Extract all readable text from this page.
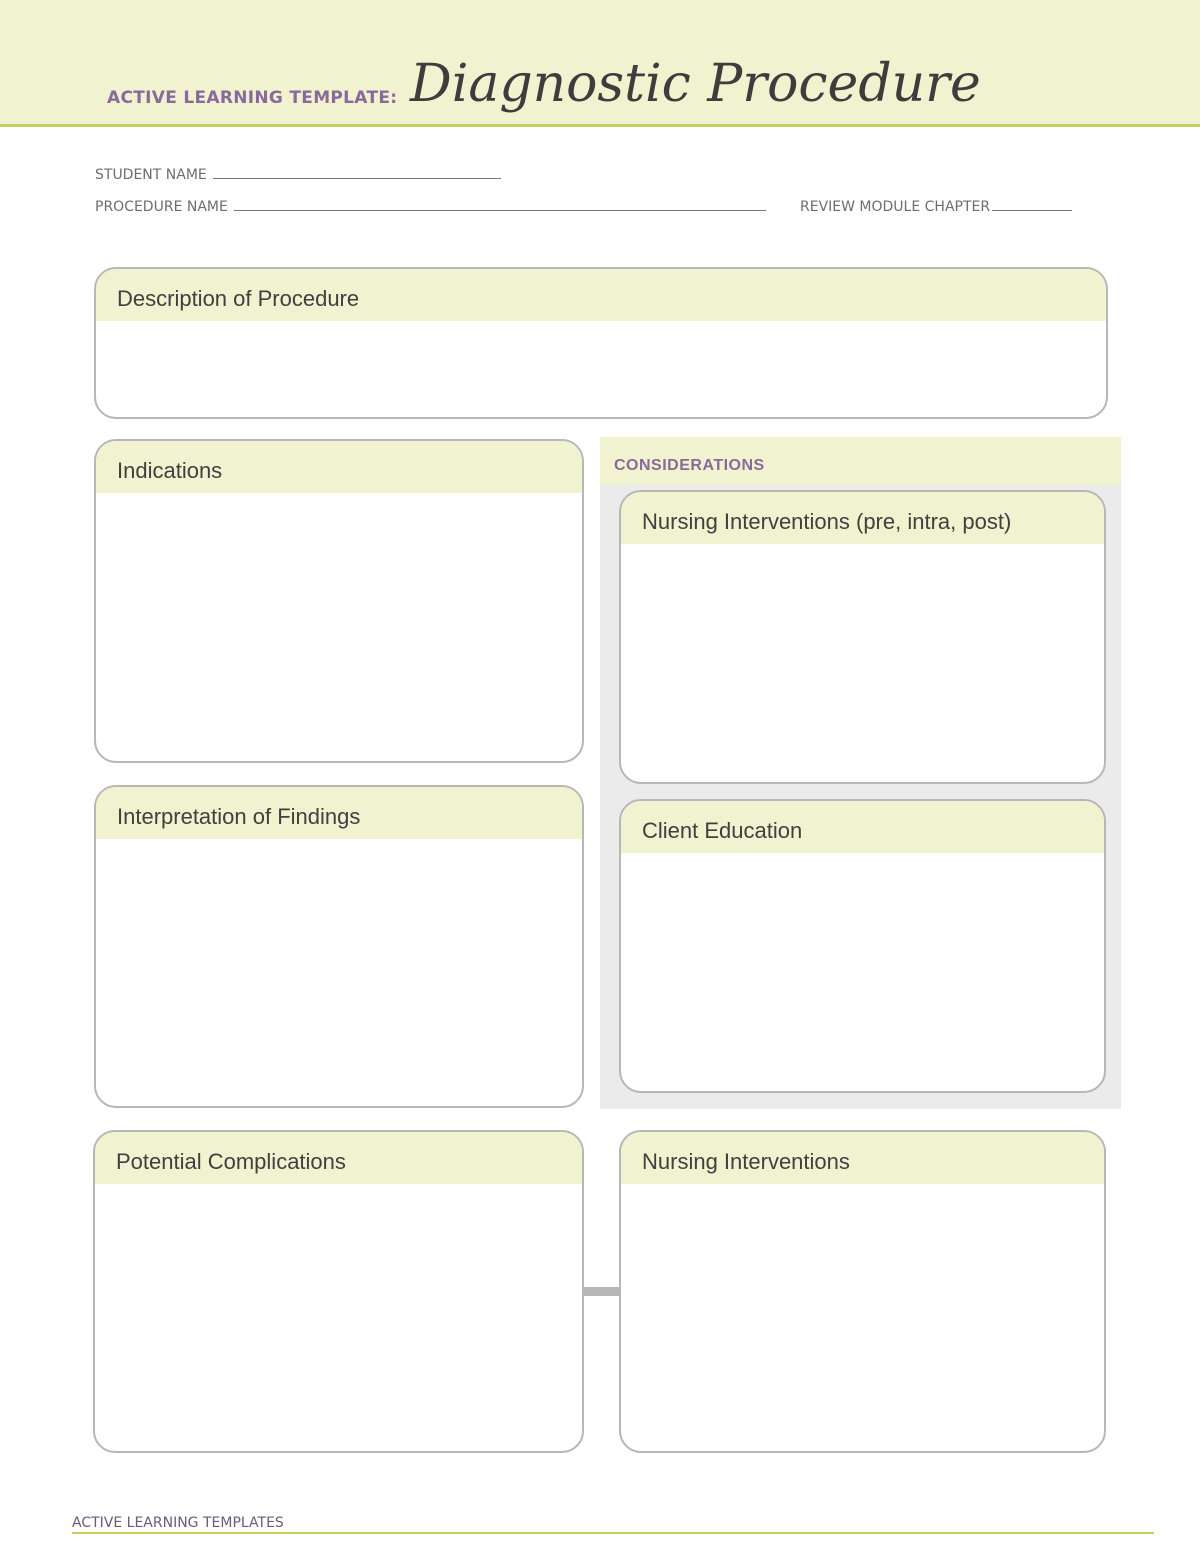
ACTIVE LEARNING TEMPLATE: Diagnostic Procedure
STUDENT NAME
PROCEDURE NAME	REVIEW MODULE CHAPTER
Description of Procedure
Indications
Interpretation of Findings
CONSIDERATIONS
Nursing Interventions (pre, intra, post)
Client Education
Potential Complications	Nursing Interventions
ACTIVE LEARNING TEMPLATES
